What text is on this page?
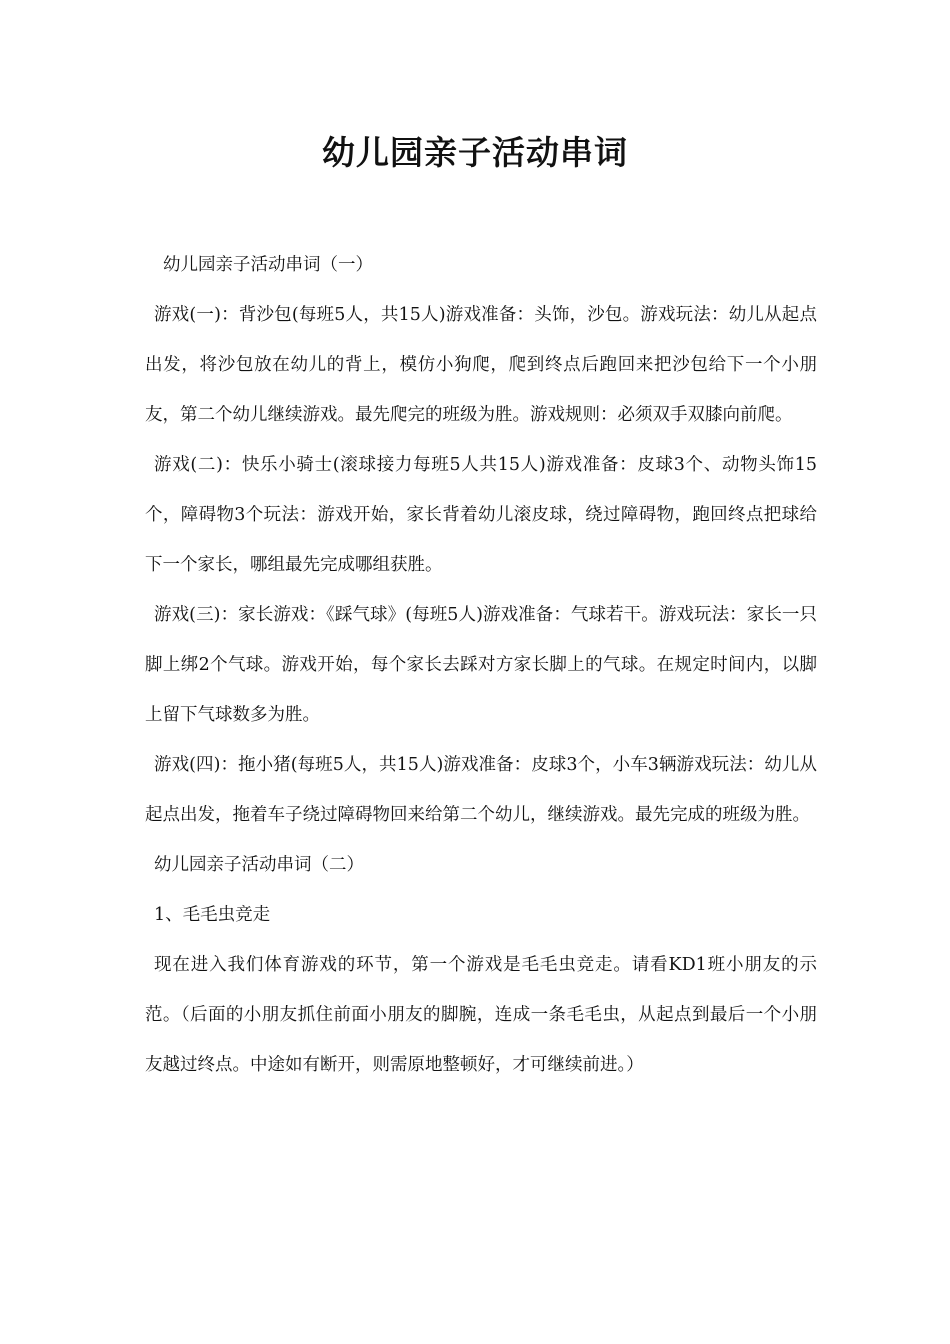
幼儿园亲子活动串词

幼儿园亲子活动串词（一）

游戏(一)：背沙包(每班5人，共15人)游戏准备：头饰，沙包。游戏玩法：幼儿从起点出发，将沙包放在幼儿的背上，模仿小狗爬，爬到终点后跑回来把沙包给下一个小朋友，第二个幼儿继续游戏。最先爬完的班级为胜。游戏规则：必须双手双膝向前爬。

游戏(二)：快乐小骑士(滚球接力每班5人共15人)游戏准备：皮球3个、动物头饰15个，障碍物3个玩法：游戏开始，家长背着幼儿滚皮球，绕过障碍物，跑回终点把球给下一个家长，哪组最先完成哪组获胜。

游戏(三)：家长游戏：《踩气球》(每班5人)游戏准备：气球若干。游戏玩法：家长一只脚上绑2个气球。游戏开始，每个家长去踩对方家长脚上的气球。在规定时间内，以脚上留下气球数多为胜。

游戏(四)：拖小猪(每班5人，共15人)游戏准备：皮球3个，小车3辆游戏玩法：幼儿从起点出发，拖着车子绕过障碍物回来给第二个幼儿，继续游戏。最先完成的班级为胜。

幼儿园亲子活动串词（二）

1、毛毛虫竞走

现在进入我们体育游戏的环节，第一个游戏是毛毛虫竞走。请看KD1班小朋友的示范。（后面的小朋友抓住前面小朋友的脚腕，连成一条毛毛虫，从起点到最后一个小朋友越过终点。中途如有断开，则需原地整顿好，才可继续前进。）
